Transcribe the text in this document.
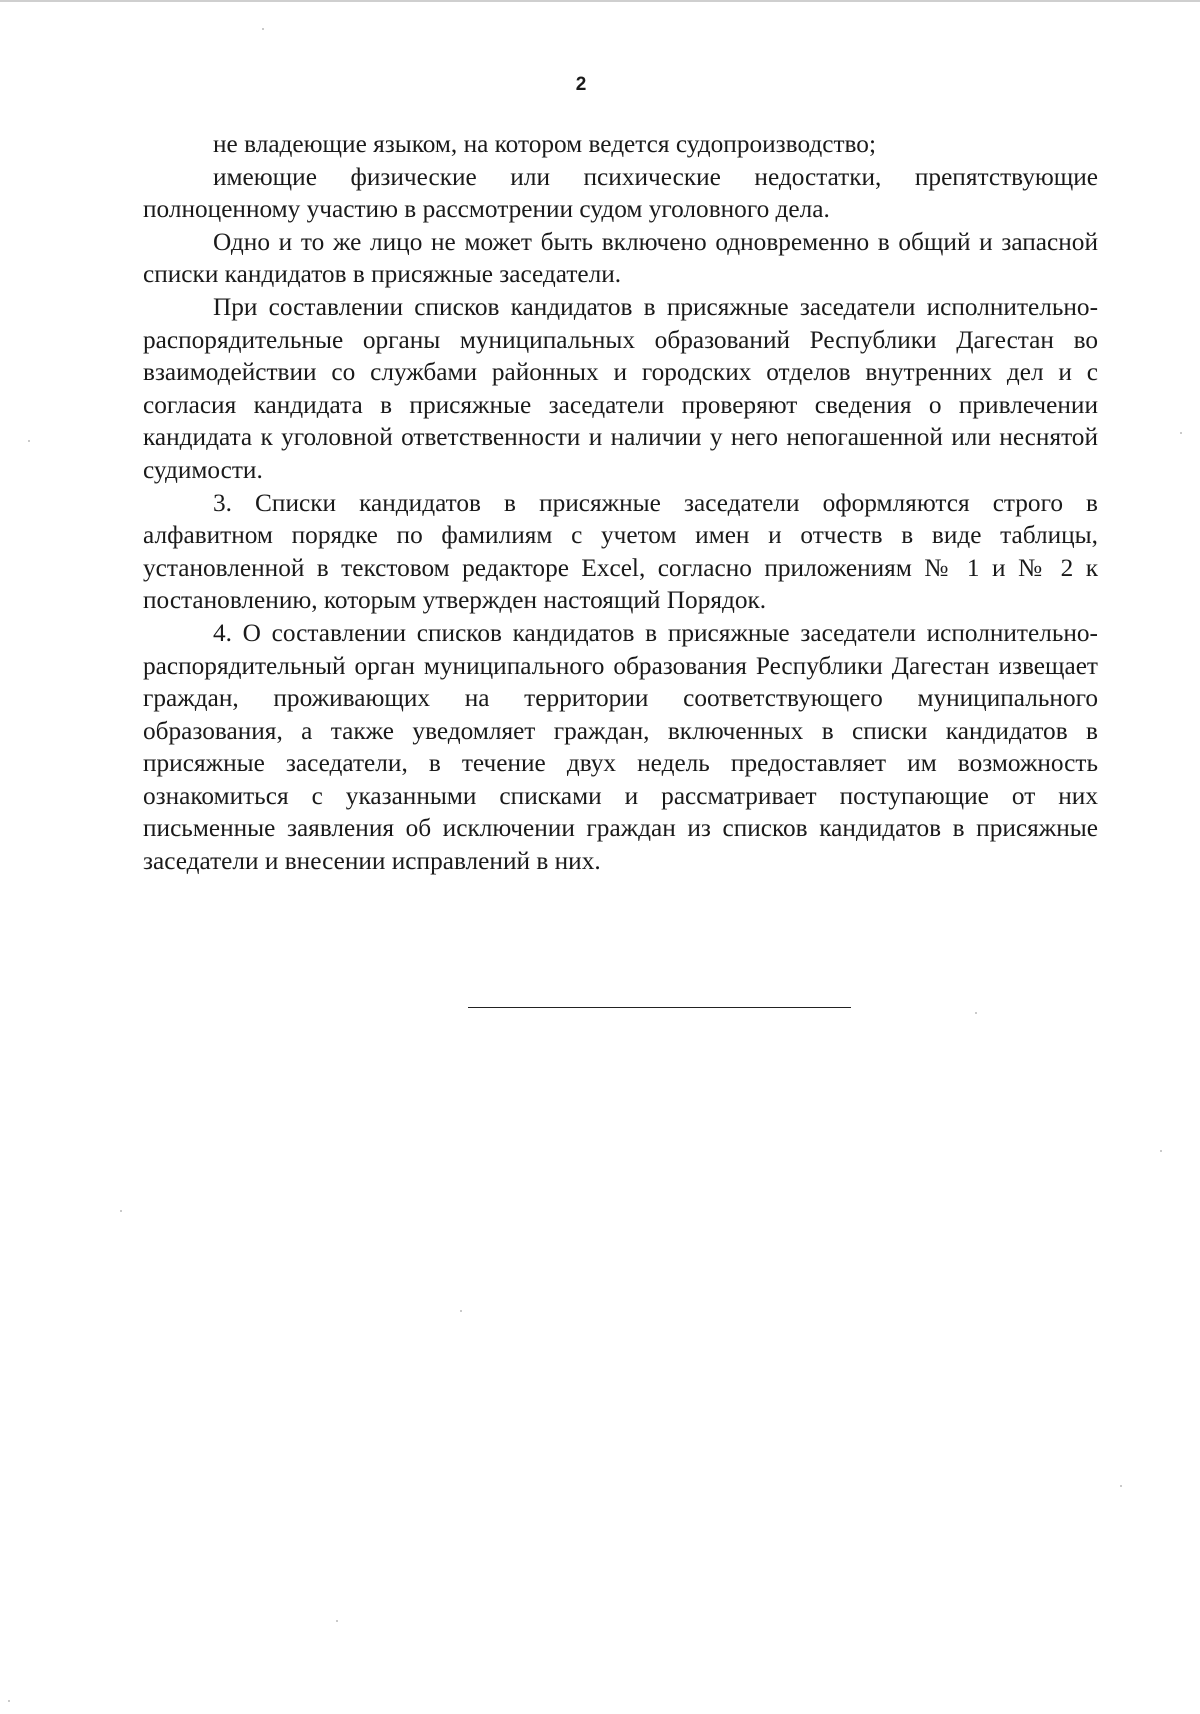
2

не владеющие языком, на котором ведется судопроизводство;

имеющие физические или психические недостатки, препятствующие полноценному участию в рассмотрении судом уголовного дела.

Одно и то же лицо не может быть включено одновременно в общий и запасной списки кандидатов в присяжные заседатели.

При составлении списков кандидатов в присяжные заседатели исполнительно-распорядительные органы муниципальных образований Республики Дагестан во взаимодействии со службами районных и городских отделов внутренних дел и с согласия кандидата в присяжные заседатели проверяют сведения о привлечении кандидата к уголовной ответственности и наличии у него непогашенной или неснятой судимости.

3. Списки кандидатов в присяжные заседатели оформляются строго в алфавитном порядке по фамилиям с учетом имен и отчеств в виде таблицы, установленной в текстовом редакторе Excel, согласно приложениям № 1 и № 2 к постановлению, которым утвержден настоящий Порядок.

4. О составлении списков кандидатов в присяжные заседатели исполнительно-распорядительный орган муниципального образования Республики Дагестан извещает граждан, проживающих на территории соответствующего муниципального образования, а также уведомляет граждан, включенных в списки кандидатов в присяжные заседатели, в течение двух недель предоставляет им возможность ознакомиться с указанными списками и рассматривает поступающие от них письменные заявления об исключении граждан из списков кандидатов в присяжные заседатели и внесении исправлений в них.
